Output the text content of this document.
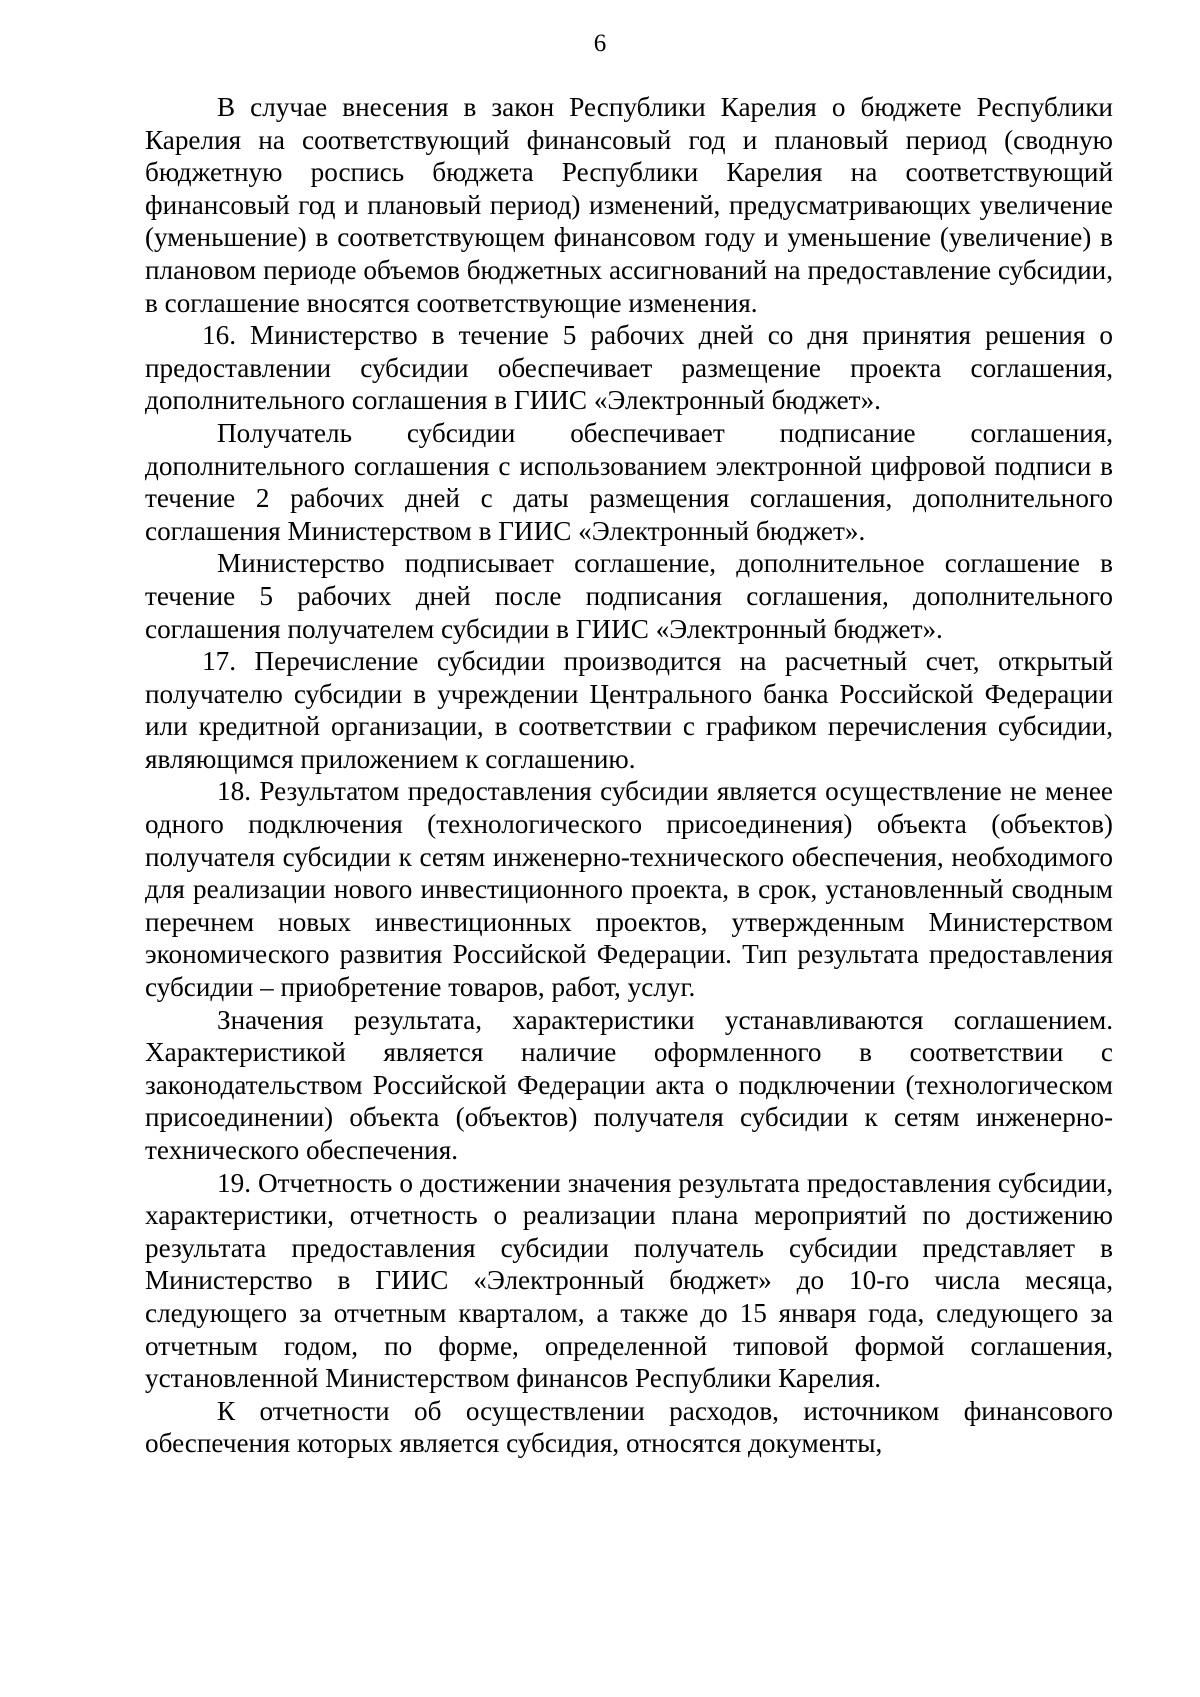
6

В случае внесения в закон Республики Карелия о бюджете Республики Карелия на соответствующий финансовый год и плановый период (сводную бюджетную роспись бюджета Республики Карелия на соответствующий финансовый год и плановый период) изменений, предусматривающих увеличение (уменьшение) в соответствующем финансовом году и уменьшение (увеличение) в плановом периоде объемов бюджетных ассигнований на предоставление субсидии, в соглашение вносятся соответствующие изменения.

16. Министерство в течение 5 рабочих дней со дня принятия решения о предоставлении субсидии обеспечивает размещение проекта соглашения, дополнительного соглашения в ГИИС «Электронный бюджет».

Получатель субсидии обеспечивает подписание соглашения, дополнительного соглашения с использованием электронной цифровой подписи в течение 2 рабочих дней с даты размещения соглашения, дополнительного соглашения Министерством в ГИИС «Электронный бюджет».

Министерство подписывает соглашение, дополнительное соглашение в течение 5 рабочих дней после подписания соглашения, дополнительного соглашения получателем субсидии в ГИИС «Электронный бюджет».

17. Перечисление субсидии производится на расчетный счет, открытый получателю субсидии в учреждении Центрального банка Российской Федерации или кредитной организации, в соответствии с графиком перечисления субсидии, являющимся приложением к соглашению.

18. Результатом предоставления субсидии является осуществление не менее одного подключения (технологического присоединения) объекта (объектов) получателя субсидии к сетям инженерно-технического обеспечения, необходимого для реализации нового инвестиционного проекта, в срок, установленный сводным перечнем новых инвестиционных проектов, утвержденным Министерством экономического развития Российской Федерации. Тип результата предоставления субсидии – приобретение товаров, работ, услуг.

Значения результата, характеристики устанавливаются соглашением. Характеристикой является наличие оформленного в соответствии с законодательством Российской Федерации акта о подключении (технологическом присоединении) объекта (объектов) получателя субсидии к сетям инженерно-технического обеспечения.

19. Отчетность о достижении значения результата предоставления субсидии, характеристики, отчетность о реализации плана мероприятий по достижению результата предоставления субсидии получатель субсидии представляет в Министерство в ГИИС «Электронный бюджет» до 10-го числа месяца, следующего за отчетным кварталом, а также до 15 января года, следующего за отчетным годом, по форме, определенной типовой формой соглашения, установленной Министерством финансов Республики Карелия.

К отчетности об осуществлении расходов, источником финансового обеспечения которых является субсидия, относятся документы,
